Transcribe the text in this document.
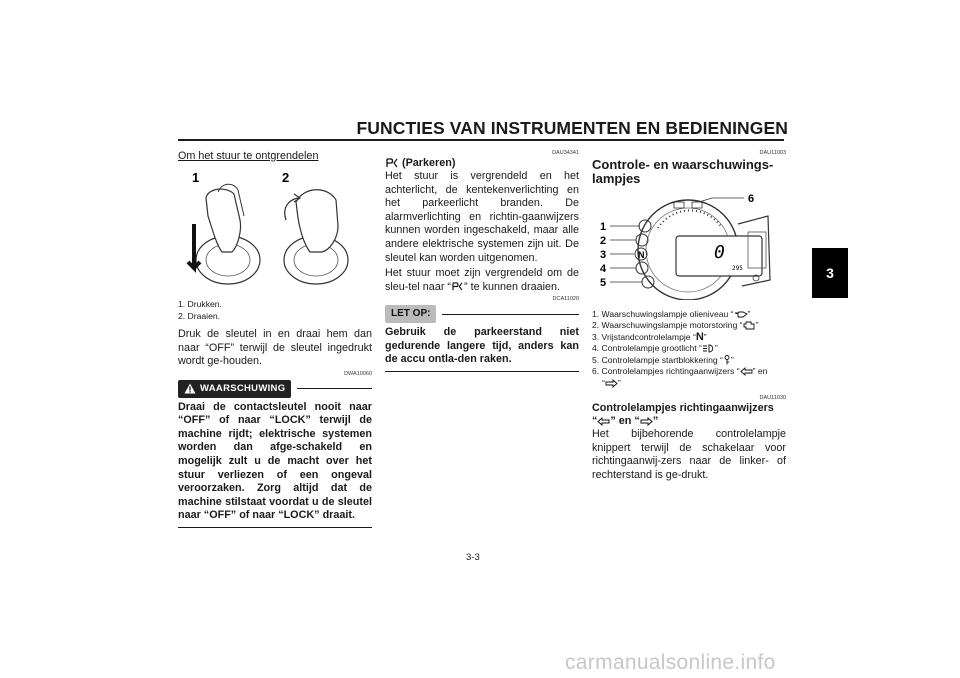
FUNCTIES VAN INSTRUMENTEN EN BEDIENINGEN
3
Om het stuur te ontgrendelen
1	2
1. Drukken.
2. Draaien.

Druk de sleutel in en draai hem dan naar “OFF” terwijl de sleutel ingedrukt wordt ge-houden.

DWA10060
WAARSCHUWING
Draai de contactsleutel nooit naar “OFF” of naar “LOCK” terwijl de machine rijdt; elektrische systemen worden dan afge-schakeld en mogelijk zult u de macht over het stuur verliezen of een ongeval veroorzaken. Zorg altijd dat de machine stilstaat voordat u de sleutel naar “OFF” of naar “LOCK” draait.
DAU34341
(Parkeren)

Het stuur is vergrendeld en het achterlicht, de kentekenverlichting en het parkeerlicht branden. De alarmverlichting en richtin-gaanwijzers kunnen worden ingeschakeld, maar alle andere elektrische systemen zijn uit. De sleutel kan worden uitgenomen.

Het stuur moet zijn vergrendeld om de sleu-tel naar “ ” te kunnen draaien.

DCA11020
LET OP:
Gebruik de parkeerstand niet gedurende langere tijd, anders kan de accu ontla-den raken.
DAU11003
Controle- en waarschuwings-lampjes
1
2
3
4
5
6
N	0
295
1. Waarschuwingslampje olieniveau “ ”
2. Waarschuwingslampje motorstoring “ ”
3. Vrijstandcontrolelampje “N”
4. Controlelampje grootlicht “ ”
5. Controlelampje startblokkering “ ”
6. Controlelampjes richtingaanwijzers “ ” en
“ ”
DAU11030
Controlelampjes richtingaanwijzers
“ ” en “ ”

Het bijbehorende controlelampje knippert terwijl de schakelaar voor richtingaanwij-zers naar de linker- of rechterstand is ge-drukt.

3-3
carmanualsonline.info
